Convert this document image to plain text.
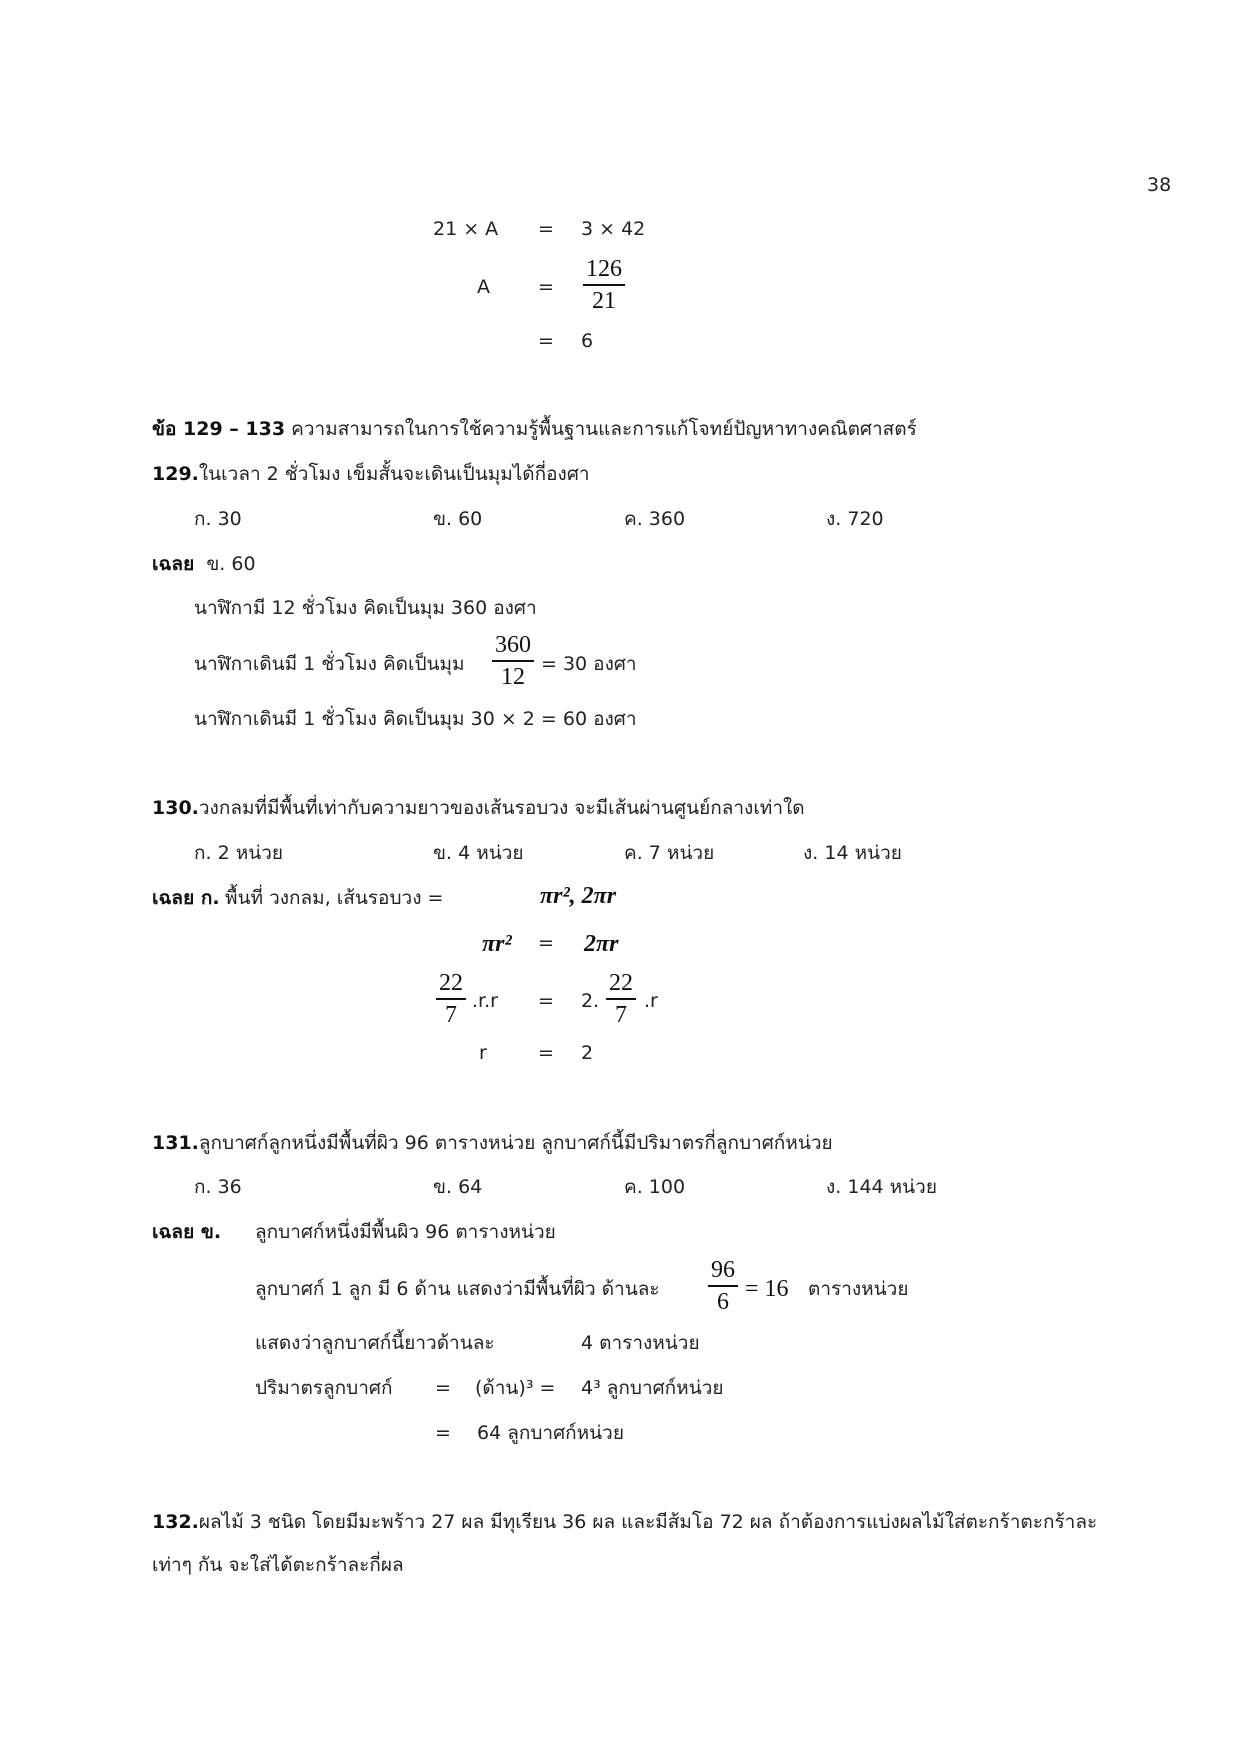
38
21 × A = 3 × 42
A	= $\frac{126}{21}$
= 6
ข้อ 129 – 133 ความสามารถในการใช้ความรู้พื้นฐานและการแก้โจทย์ปัญหาทางคณิตศาสตร์
129.ในเวลา 2 ชั่วโมง เข็มสั้นจะเดินเป็นมุมได้กี่องศา
ก. 30	ข. 60	ค. 360	ง. 720
เฉลย ข. 60
นาฬิกามี 12 ชั่วโมง คิดเป็นมุม 360 องศา
นาฬิกาเดินมี 1 ชั่วโมง คิดเป็นมุม $\frac{360}{12} = 30$ องศา
นาฬิกาเดินมี 1 ชั่วโมง คิดเป็นมุม 30 × 2 = 60 องศา
130.วงกลมที่มีพื้นที่เท่ากับความยาวของเส้นรอบวง จะมีเส้นผ่านศูนย์กลางเท่าใด
ก. 2 หน่วย	ข. 4 หน่วย	ค. 7 หน่วย	ง. 14 หน่วย
เฉลย ก. พื้นที่ วงกลม, เส้นรอบวง =	πr², 2πr
πr² = 2πr
$\frac{22}{7} .r.r = 2$. $\frac{22}{7} .r$
r	= 2
131.ลูกบาศก์ลูกหนึ่งมีพื้นที่ผิว 96 ตารางหน่วย ลูกบาศก์นี้มีปริมาตรกี่ลูกบาศก์หน่วย
ก. 36	ข. 64	ค. 100	ง. 144 หน่วย
เฉลย ข. ลูกบาศก์หนึ่งมีพื้นผิว 96 ตารางหน่วย
ลูกบาศก์ 1 ลูก มี 6 ด้าน แสดงว่ามีพื้นที่ผิว ด้านละ $\frac{96}{6} = 16$ ตารางหน่วย
แสดงว่าลูกบาศก์นี้ยาวด้านละ	4 ตารางหน่วย
ปริมาตรลูกบาศก์ = (ด้าน)³ = 4³ ลูกบาศก์หน่วย
= 64 ลูกบาศก์หน่วย
132.ผลไม้ 3 ชนิด โดยมีมะพร้าว 27 ผล มีทุเรียน 36 ผล และมีส้มโอ 72 ผล ถ้าต้องการแบ่งผลไม้ใส่ตะกร้าตะกร้าละ
เท่าๆ กัน จะใส่ได้ตะกร้าละกี่ผล
